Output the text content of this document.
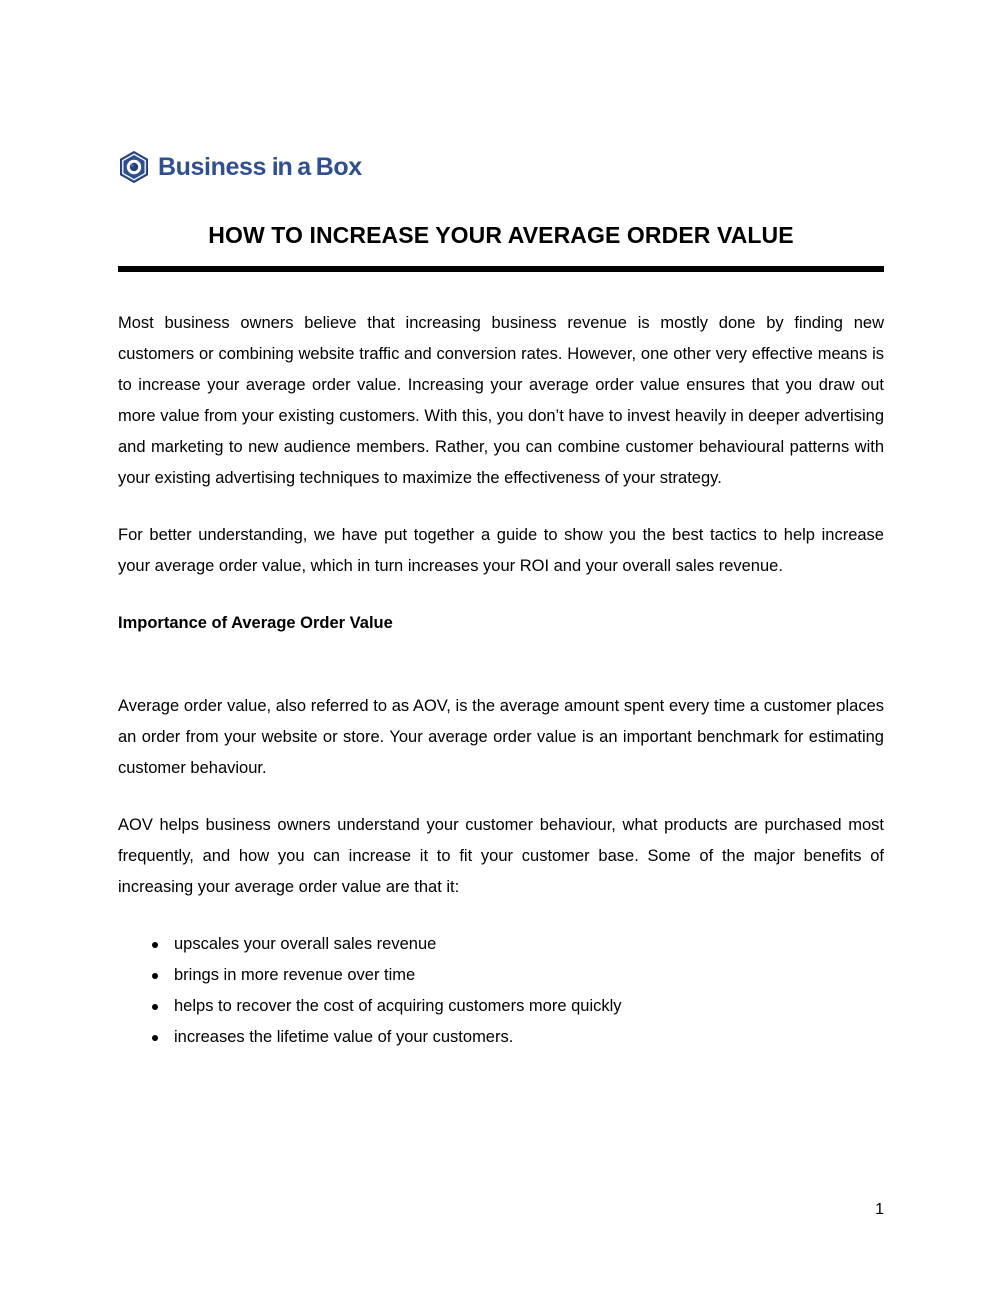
Business in a Box
HOW TO INCREASE YOUR AVERAGE ORDER VALUE

Most business owners believe that increasing business revenue is mostly done by finding new customers or combining website traffic and conversion rates. However, one other very effective means is to increase your average order value. Increasing your average order value ensures that you draw out more value from your existing customers. With this, you don’t have to invest heavily in deeper advertising and marketing to new audience members. Rather, you can combine customer behavioural patterns with your existing advertising techniques to maximize the effectiveness of your strategy.

For better understanding, we have put together a guide to show you the best tactics to help increase your average order value, which in turn increases your ROI and your overall sales revenue.

Importance of Average Order Value

Average order value, also referred to as AOV, is the average amount spent every time a customer places an order from your website or store. Your average order value is an important benchmark for estimating customer behaviour.

AOV helps business owners understand your customer behaviour, what products are purchased most frequently, and how you can increase it to fit your customer base. Some of the major benefits of increasing your average order value are that it:

upscales your overall sales revenue
brings in more revenue over time
helps to recover the cost of acquiring customers more quickly
increases the lifetime value of your customers.
1
